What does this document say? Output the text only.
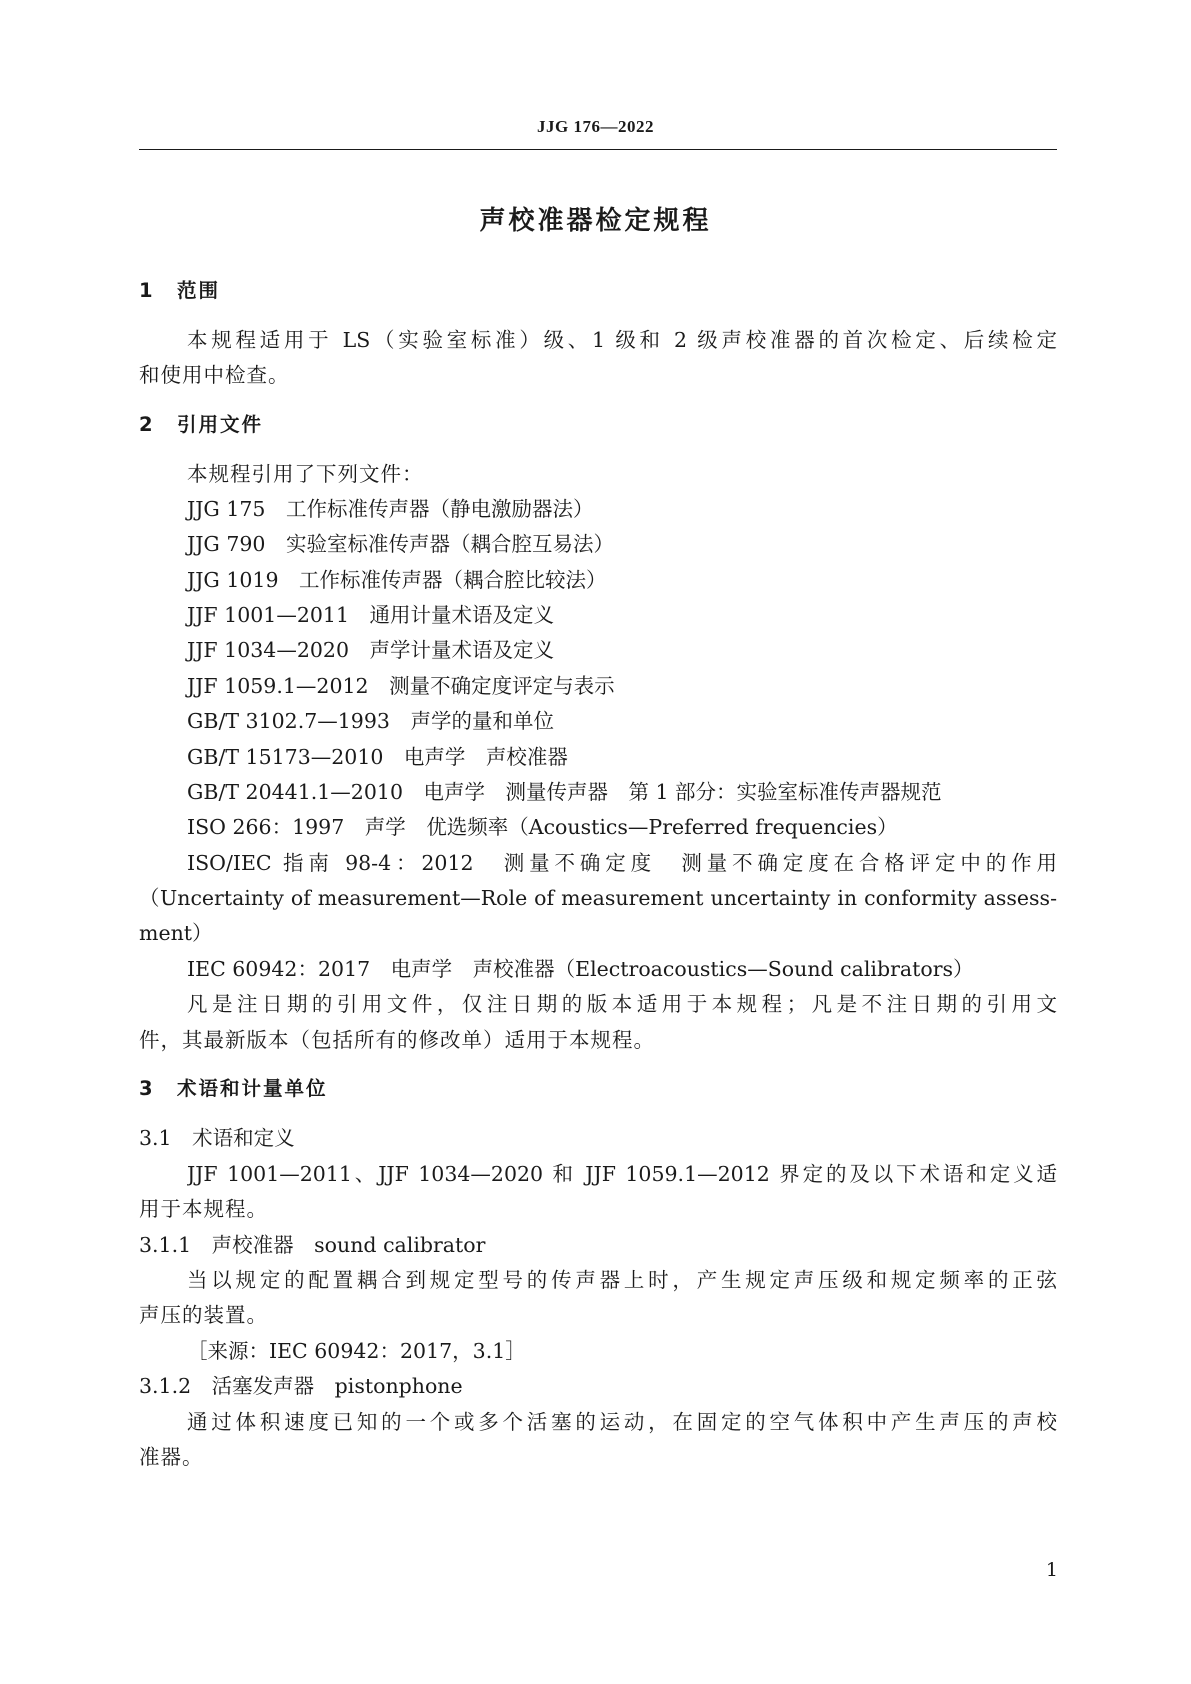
JJG 176—2022
声校准器检定规程
1 范围
本规程适用于 LS（实验室标准）级、1 级和 2 级声校准器的首次检定、后续检定
和使用中检查。
2 引用文件
本规程引用了下列文件：
JJG 175　工作标准传声器（静电激励器法）
JJG 790　实验室标准传声器（耦合腔互易法）
JJG 1019　工作标准传声器（耦合腔比较法）
JJF 1001—2011　通用计量术语及定义
JJF 1034—2020　声学计量术语及定义
JJF 1059.1—2012　测量不确定度评定与表示
GB/T 3102.7—1993　声学的量和单位
GB/T 15173—2010　电声学　声校准器
GB/T 20441.1—2010　电声学　测量传声器　第 1 部分：实验室标准传声器规范
ISO 266：1997　声学　优选频率（Acoustics—Preferred frequencies）
ISO/IEC 指南 98-4：2012　测量不确定度　测量不确定度在合格评定中的作用
（Uncertainty of measurement—Role of measurement uncertainty in conformity assess-
ment）
IEC 60942：2017　电声学　声校准器（Electroacoustics—Sound calibrators）
凡是注日期的引用文件，仅注日期的版本适用于本规程；凡是不注日期的引用文
件，其最新版本（包括所有的修改单）适用于本规程。
3 术语和计量单位
3.1　术语和定义
JJF 1001—2011、JJF 1034—2020 和 JJF 1059.1—2012 界定的及以下术语和定义适
用于本规程。
3.1.1　声校准器　sound calibrator
当以规定的配置耦合到规定型号的传声器上时，产生规定声压级和规定频率的正弦
声压的装置。
［来源：IEC 60942：2017，3.1］
3.1.2　活塞发声器　pistonphone
通过体积速度已知的一个或多个活塞的运动，在固定的空气体积中产生声压的声校
准器。
1
